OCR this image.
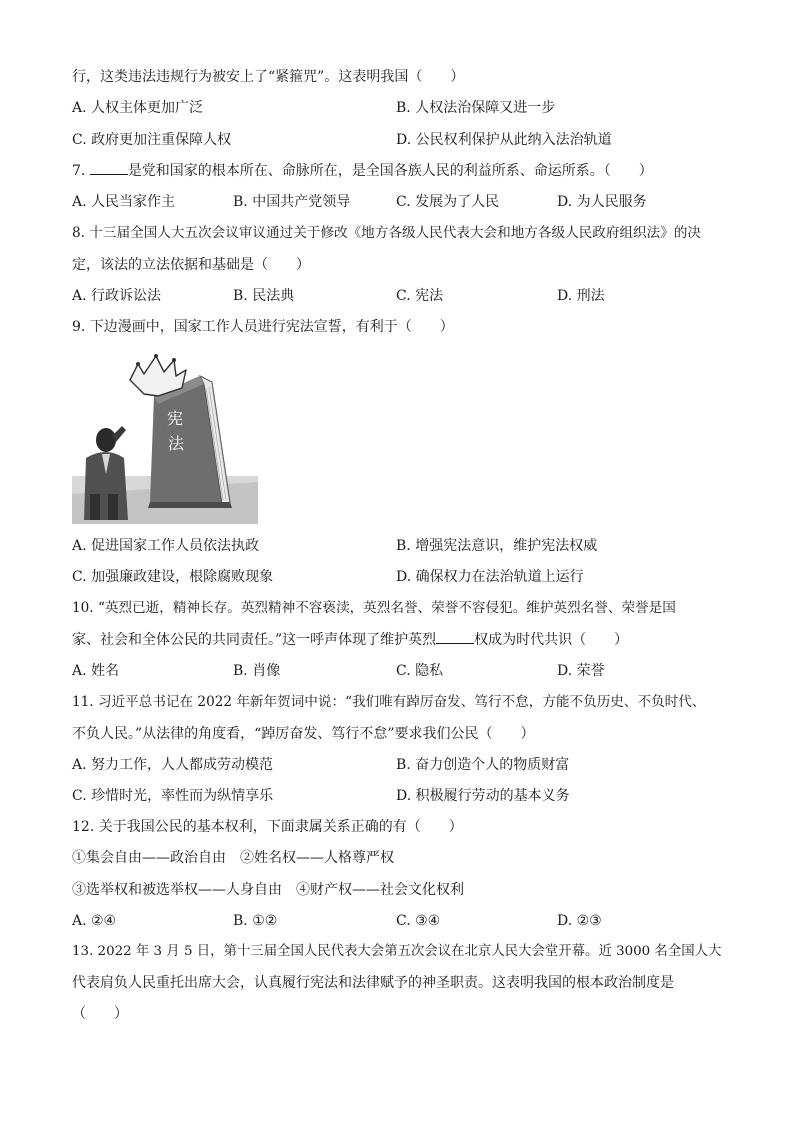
行，这类违法违规行为被安上了“紧箍咒”。这表明我国（　　）
A. 人权主体更加广泛	B. 人权法治保障又进一步
C. 政府更加注重保障人权	D. 公民权利保护从此纳入法治轨道
7.	是党和国家的根本所在、命脉所在，是全国各族人民的利益所系、命运所系。（　　）
A. 人民当家作主	B. 中国共产党领导	C. 发展为了人民	D. 为人民服务
8. 十三届全国人大五次会议审议通过关于修改《地方各级人民代表大会和地方各级人民政府组织法》的决
定，该法的立法依据和基础是（　　）
A. 行政诉讼法	B. 民法典	C. 宪法	D. 刑法
9. 下边漫画中，国家工作人员进行宪法宣誓，有利于（　　）
宪
法
A. 促进国家工作人员依法执政	B. 增强宪法意识，维护宪法权威
C. 加强廉政建设，根除腐败现象	D. 确保权力在法治轨道上运行
10. “英烈已逝，精神长存。英烈精神不容亵渎，英烈名誉、荣誉不容侵犯。维护英烈名誉、荣誉是国
家、社会和全体公民的共同责任。”这一呼声体现了维护英烈	权成为时代共识（　　）
A. 姓名	B. 肖像	C. 隐私	D. 荣誉
11. 习近平总书记在 2022 年新年贺词中说：“我们唯有踔厉奋发、笃行不怠，方能不负历史、不负时代、
不负人民。”从法律的角度看，“踔厉奋发、笃行不怠”要求我们公民（　　）
A. 努力工作，人人都成劳动模范	B. 奋力创造个人的物质财富
C. 珍惜时光，率性而为纵情享乐	D. 积极履行劳动的基本义务
12. 关于我国公民的基本权利，下面隶属关系正确的有（　　）
①集会自由——政治自由　②姓名权——人格尊严权
③选举权和被选举权——人身自由　④财产权——社会文化权利
A. ②④	B. ①②	C. ③④	D. ②③
13. 2022 年 3 月 5 日，第十三届全国人民代表大会第五次会议在北京人民大会堂开幕。近 3000 名全国人大
代表肩负人民重托出席大会，认真履行宪法和法律赋予的神圣职责。这表明我国的根本政治制度是
（　　）
